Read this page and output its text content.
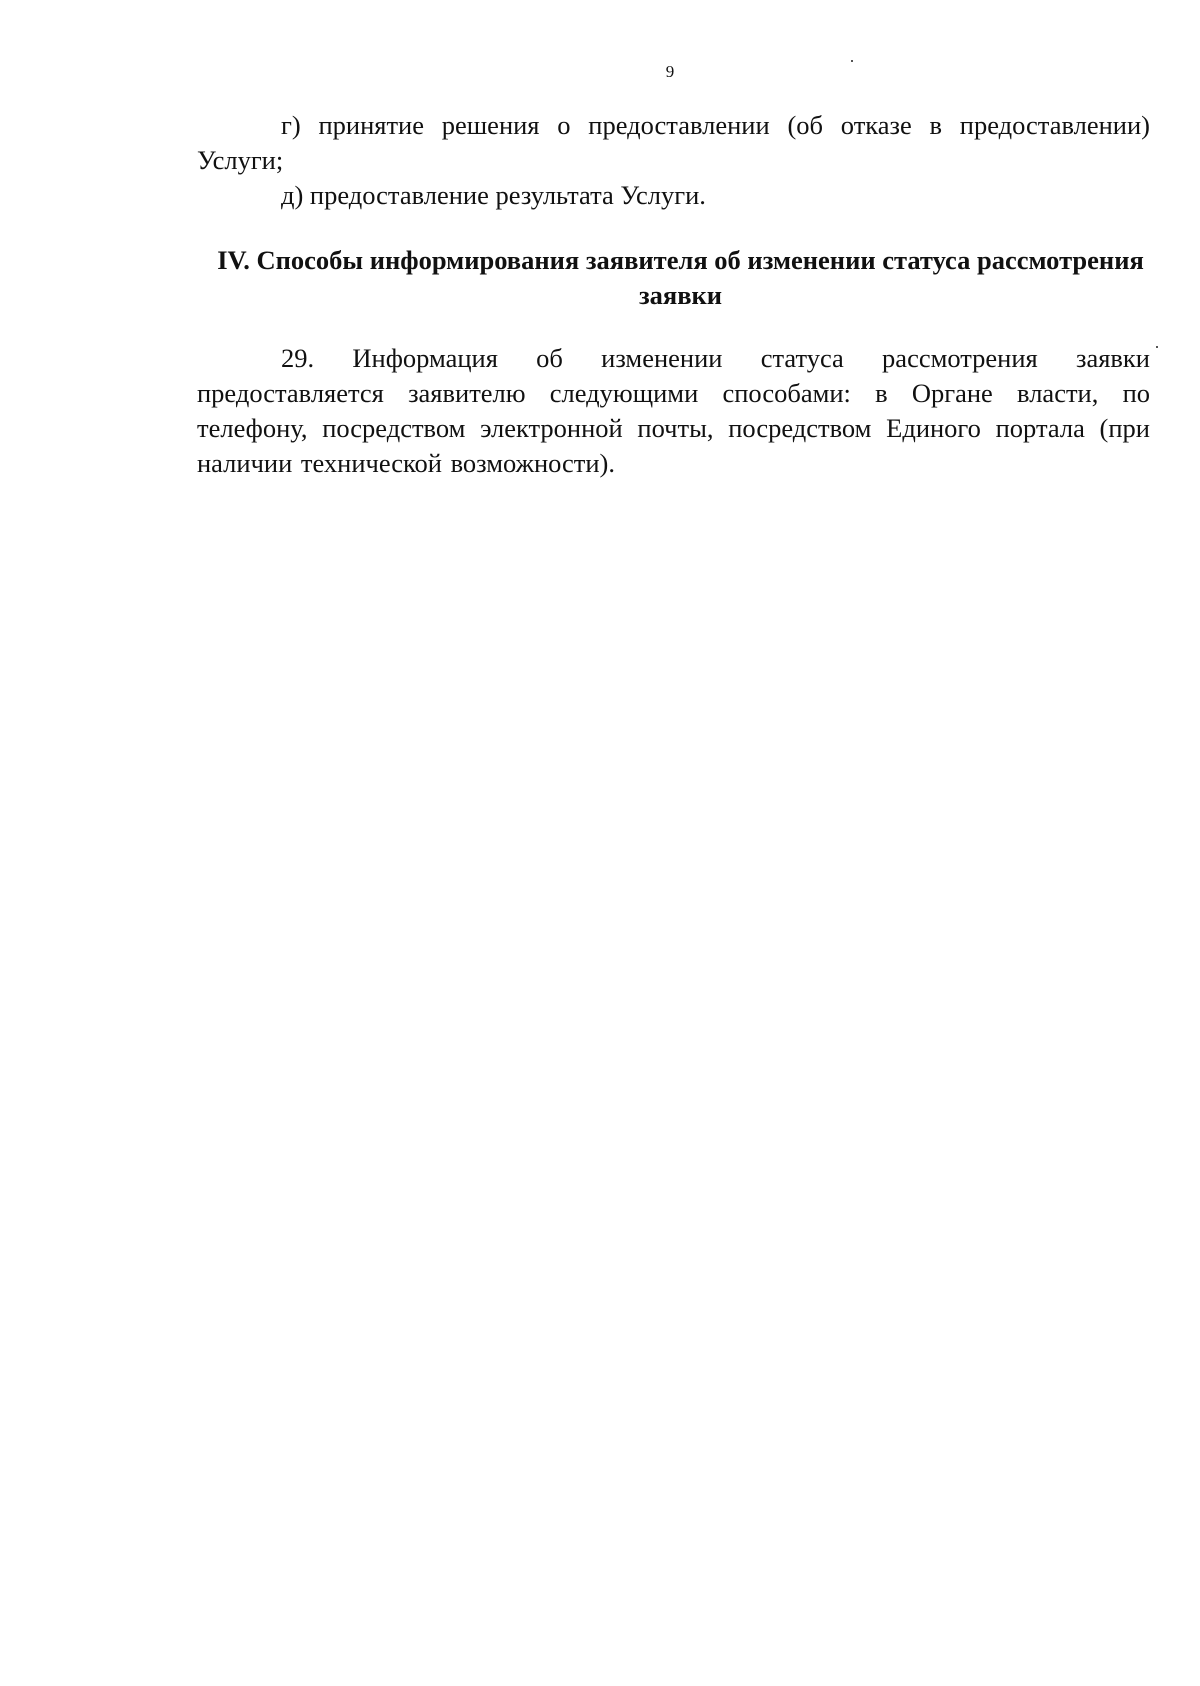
9

г) принятие решения о предоставлении (об отказе в предоставлении) Услуги;

д) предоставление результата Услуги.

IV. Способы информирования заявителя об изменении статуса рассмотрения заявки

29. Информация об изменении статуса рассмотрения заявки предоставляется заявителю следующими способами: в Органе власти, по телефону, посредством электронной почты, посредством Единого портала (при наличии технической возможности).
